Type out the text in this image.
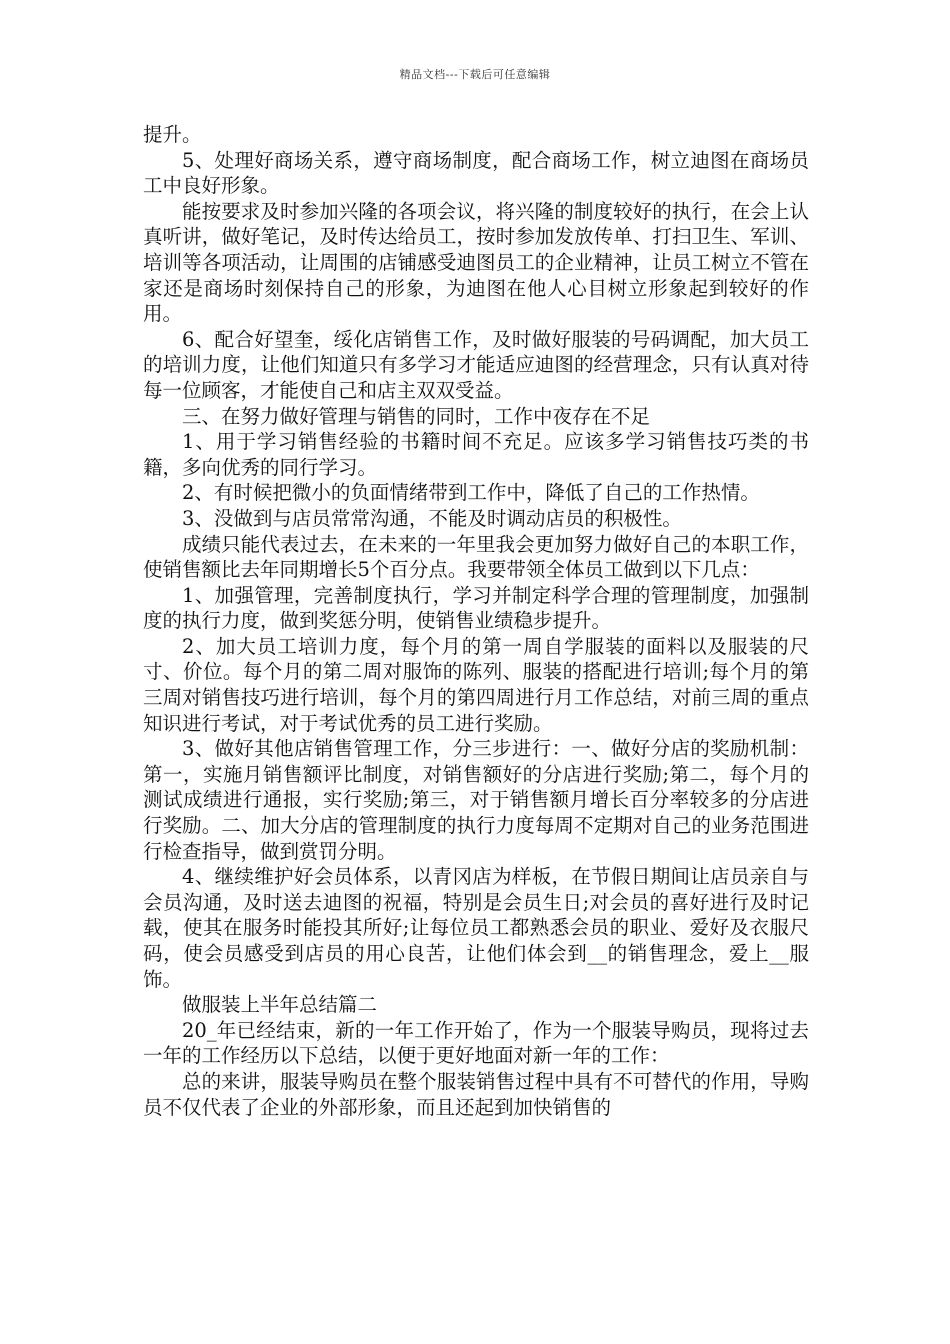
精品文档---下载后可任意编辑

提升。

5、处理好商场关系，遵守商场制度，配合商场工作，树立迪图在商场员工中良好形象。

能按要求及时参加兴隆的各项会议，将兴隆的制度较好的执行，在会上认真听讲，做好笔记，及时传达给员工，按时参加发放传单、打扫卫生、军训、培训等各项活动，让周围的店铺感受迪图员工的企业精神，让员工树立不管在家还是商场时刻保持自己的形象，为迪图在他人心目树立形象起到较好的作用。

6、配合好望奎，绥化店销售工作，及时做好服装的号码调配，加大员工的培训力度，让他们知道只有多学习才能适应迪图的经营理念，只有认真对待每一位顾客，才能使自己和店主双双受益。

三、在努力做好管理与销售的同时，工作中夜存在不足

1、用于学习销售经验的书籍时间不充足。应该多学习销售技巧类的书籍，多向优秀的同行学习。

2、有时候把微小的负面情绪带到工作中，降低了自己的工作热情。

3、没做到与店员常常沟通，不能及时调动店员的积极性。

成绩只能代表过去，在未来的一年里我会更加努力做好自己的本职工作，使销售额比去年同期增长5个百分点。我要带领全体员工做到以下几点：

1、加强管理，完善制度执行，学习并制定科学合理的管理制度，加强制度的执行力度，做到奖惩分明，使销售业绩稳步提升。

2、加大员工培训力度，每个月的第一周自学服装的面料以及服装的尺寸、价位。每个月的第二周对服饰的陈列、服装的搭配进行培训;每个月的第三周对销售技巧进行培训，每个月的第四周进行月工作总结，对前三周的重点知识进行考试，对于考试优秀的员工进行奖励。

3、做好其他店销售管理工作，分三步进行：一、做好分店的奖励机制：第一，实施月销售额评比制度，对销售额好的分店进行奖励;第二，每个月的测试成绩进行通报，实行奖励;第三，对于销售额月增长百分率较多的分店进行奖励。二、加大分店的管理制度的执行力度每周不定期对自己的业务范围进行检查指导，做到赏罚分明。

4、继续维护好会员体系，以青冈店为样板，在节假日期间让店员亲自与会员沟通，及时送去迪图的祝福，特别是会员生日;对会员的喜好进行及时记载，使其在服务时能投其所好;让每位员工都熟悉会员的职业、爱好及衣服尺码，使会员感受到店员的用心良苦，让他们体会到__的销售理念，爱上__服饰。

做服装上半年总结篇二

20_年已经结束，新的一年工作开始了，作为一个服装导购员，现将过去一年的工作经历以下总结，以便于更好地面对新一年的工作：

总的来讲，服装导购员在整个服装销售过程中具有不可替代的作用，导购员不仅代表了企业的外部形象，而且还起到加快销售的
